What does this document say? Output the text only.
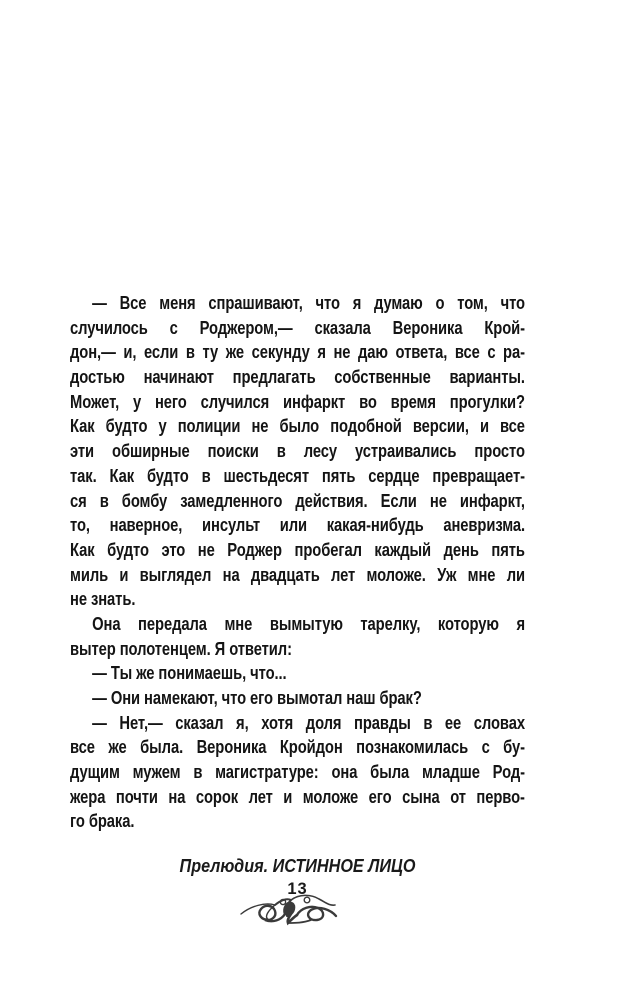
— Все меня спрашивают, что я думаю о том, что
случилось с Роджером,— сказала Вероника Крой-
дон,— и, если в ту же секунду я не даю ответа, все с ра-
достью начинают предлагать собственные варианты.
Может, у него случился инфаркт во время прогулки?
Как будто у полиции не было подобной версии, и все
эти обширные поиски в лесу устраивались просто
так. Как будто в шестьдесят пять сердце превращает-
ся в бомбу замедленного действия. Если не инфаркт,
то, наверное, инсульт или какая-нибудь аневризма.
Как будто это не Роджер пробегал каждый день пять
миль и выглядел на двадцать лет моложе. Уж мне ли
не знать.
Она передала мне вымытую тарелку, которую я
вытер полотенцем. Я ответил:
— Ты же понимаешь, что...
— Они намекают, что его вымотал наш брак?
— Нет,— сказал я, хотя доля правды в ее словах
все же была. Вероника Кройдон познакомилась с бу-
дущим мужем в магистратуре: она была младше Род-
жера почти на сорок лет и моложе его сына от перво-
го брака.
Прелюдия. ИСТИННОЕ ЛИЦО
13
